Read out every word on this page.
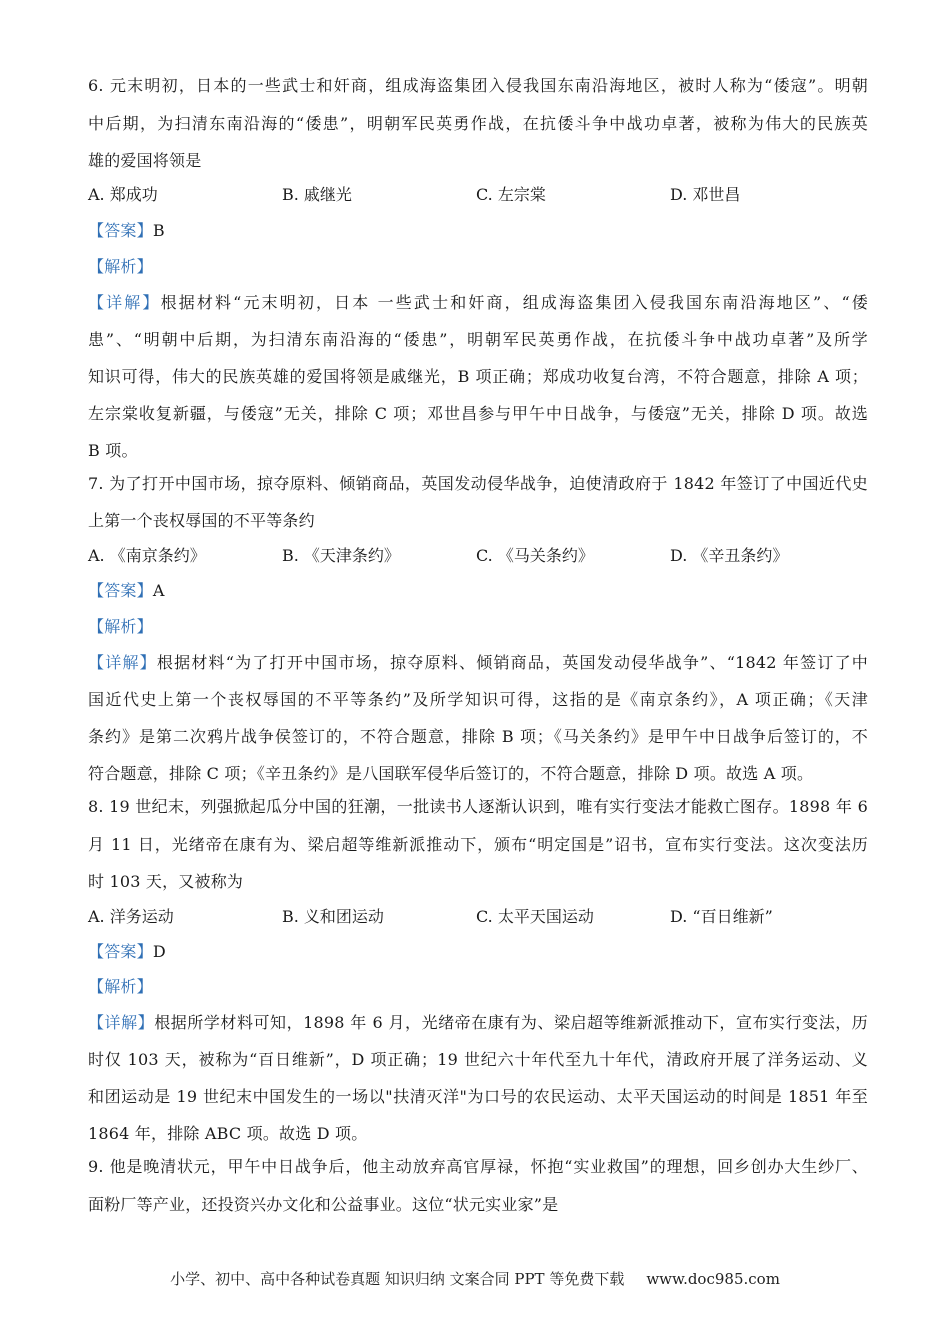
6. 元末明初，日本的一些武士和奸商，组成海盗集团入侵我国东南沿海地区，被时人称为“倭寇”。明朝
中后期，为扫清东南沿海的“倭患”，明朝军民英勇作战，在抗倭斗争中战功卓著，被称为伟大的民族英
雄的爱国将领是
A. 郑成功	B. 戚继光	C. 左宗棠	D. 邓世昌
【答案】B
【解析】
【详解】根据材料“元末明初，日本 一些武士和奸商，组成海盗集团入侵我国东南沿海地区”、“倭
患”、“明朝中后期，为扫清东南沿海的“倭患”，明朝军民英勇作战，在抗倭斗争中战功卓著”及所学
知识可得，伟大的民族英雄的爱国将领是戚继光，B 项正确；郑成功收复台湾，不符合题意，排除 A 项；
左宗棠收复新疆，与倭寇”无关，排除 C 项；邓世昌参与甲午中日战争，与倭寇”无关，排除 D 项。故选
B 项。
7. 为了打开中国市场，掠夺原料、倾销商品，英国发动侵华战争，迫使清政府于 1842 年签订了中国近代史
上第一个丧权辱国的不平等条约
A. 《南京条约》	B. 《天津条约》	C. 《马关条约》	D. 《辛丑条约》
【答案】A
【解析】
【详解】根据材料“为了打开中国市场，掠夺原料、倾销商品，英国发动侵华战争”、“1842 年签订了中
国近代史上第一个丧权辱国的不平等条约”及所学知识可得，这指的是《南京条约》，A 项正确；《天津
条约》是第二次鸦片战争侯签订的，不符合题意，排除 B 项；《马关条约》是甲午中日战争后签订的，不
符合题意，排除 C 项；《辛丑条约》是八国联军侵华后签订的，不符合题意，排除 D 项。故选 A 项。
8. 19 世纪末，列强掀起瓜分中国的狂潮，一批读书人逐渐认识到，唯有实行变法才能救亡图存。1898 年 6
月 11 日，光绪帝在康有为、梁启超等维新派推动下，颁布“明定国是”诏书，宣布实行变法。这次变法历
时 103 天，又被称为
A. 洋务运动	B. 义和团运动	C. 太平天国运动	D. “百日维新”
【答案】D
【解析】
【详解】根据所学材料可知，1898 年 6 月，光绪帝在康有为、梁启超等维新派推动下，宣布实行变法，历
时仅 103 天，被称为“百日维新”，D 项正确；19 世纪六十年代至九十年代，清政府开展了洋务运动、义
和团运动是 19 世纪末中国发生的一场以"扶清灭洋"为口号的农民运动、太平天国运动的时间是 1851 年至
1864 年，排除 ABC 项。故选 D 项。
9. 他是晚清状元，甲午中日战争后，他主动放弃高官厚禄，怀抱“实业救国”的理想，回乡创办大生纱厂、
面粉厂等产业，还投资兴办文化和公益事业。这位“状元实业家”是
小学、初中、高中各种试卷真题 知识归纳 文案合同 PPT 等免费下载 www.doc985.com
